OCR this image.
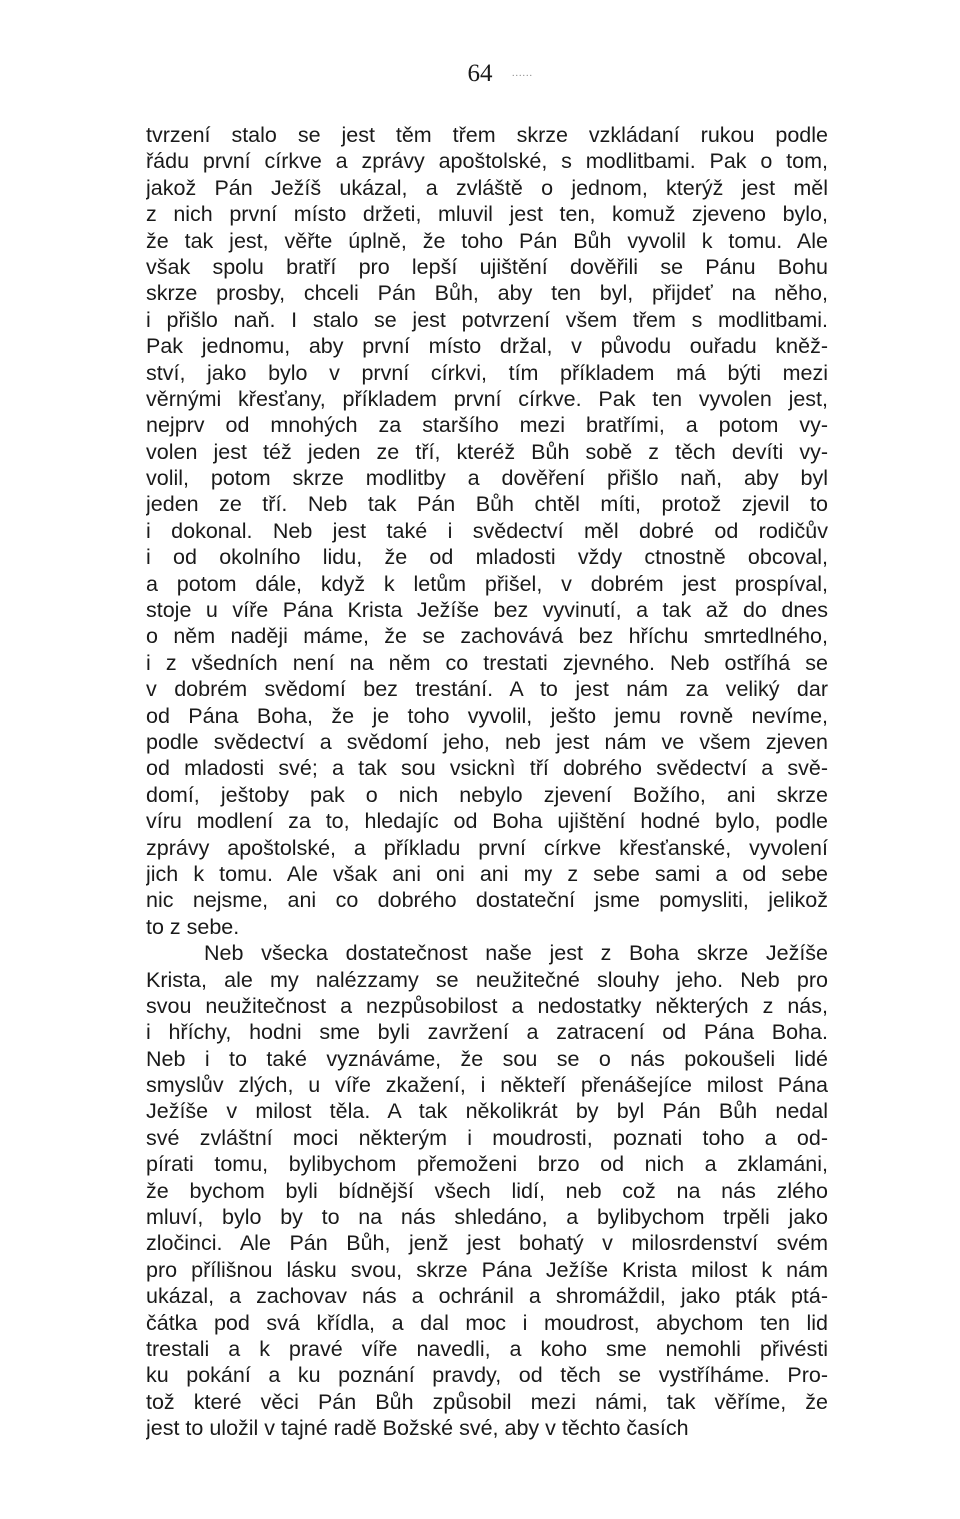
64 ......
tvrzení stalo se jest těm třem skrze vzkládaní rukou podle
řádu první církve a zprávy apoštolské, s modlitbami. Pak o tom,
jakož Pán Ježíš ukázal, a zvláště o jednom, kterýž jest měl
z nich první místo držeti, mluvil jest ten, komuž zjeveno bylo,
že tak jest, věřte úplně, že toho Pán Bůh vyvolil k tomu. Ale
však spolu bratří pro lepší ujištění dověřili se Pánu Bohu
skrze prosby, chceli Pán Bůh, aby ten byl, přijdeť na něho,
i přišlo naň. I stalo se jest potvrzení všem třem s modlitbami.
Pak jednomu, aby první místo držal, v původu ouřadu kněž-
ství, jako bylo v první církvi, tím příkladem má býti mezi
věrnými křesťany, příkladem první církve. Pak ten vyvolen jest,
nejprv od mnohých za staršího mezi bratřími, a potom vy-
volen jest též jeden ze tří, kteréž Bůh sobě z těch devíti vy-
volil, potom skrze modlitby a dověření přišlo naň, aby byl
jeden ze tří. Neb tak Pán Bůh chtěl míti, protož zjevil to
i dokonal. Neb jest také i svědectví měl dobré od rodičův
i od okolního lidu, že od mladosti vždy ctnostně obcoval,
a potom dále, když k letům přišel, v dobrém jest prospíval,
stoje u víře Pána Krista Ježíše bez vyvinutí, a tak až do dnes
o něm naději máme, že se zachovává bez hříchu smrtedlného,
i z všedních není na něm co trestati zjevného. Neb ostříhá se
v dobrém svědomí bez trestání. A to jest nám za veliký dar
od Pána Boha, že je toho vyvolil, ješto jemu rovně nevíme,
podle svědectví a svědomí jeho, neb jest nám ve všem zjeven
od mladosti své; a tak sou vsicknì tří dobrého svědectví a svě-
domí, ještoby pak o nich nebylo zjevení Božího, ani skrze
víru modlení za to, hledajíc od Boha ujištění hodné bylo, podle
zprávy apoštolské, a příkladu první církve křesťanské, vyvolení
jich k tomu. Ale však ani oni ani my z sebe sami a od sebe
nic nejsme, ani co dobrého dostateční jsme pomysliti, jelikož
to z sebe.
Neb všecka dostatečnost naše jest z Boha skrze Ježíše
Krista, ale my nalézzamy se neužitečné slouhy jeho. Neb pro
svou neužitečnost a nezpůsobilost a nedostatky některých z nás,
i hříchy, hodni sme byli zavržení a zatracení od Pána Boha.
Neb i to také vyznáváme, že sou se o nás pokoušeli lidé
smyslův zlých, u víře zkažení, i někteří přenášejíce milost Pána
Ježíše v milost těla. A tak několikrát by byl Pán Bůh nedal
své zvláštní moci některým i moudrosti, poznati toho a od-
pírati tomu, bylibychom přemoženi brzo od nich a zklamáni,
že bychom byli bídnější všech lidí, neb což na nás zlého
mluví, bylo by to na nás shledáno, a bylibychom trpěli jako
zločinci. Ale Pán Bůh, jenž jest bohatý v milosrdenství svém
pro přílišnou lásku svou, skrze Pána Ježíše Krista milost k nám
ukázal, a zachovav nás a ochránil a shromáždil, jako pták ptá-
čátka pod svá křídla, a dal moc i moudrost, abychom ten lid
trestali a k pravé víře navedli, a koho sme nemohli přivésti
ku pokání a ku poznání pravdy, od těch se vystříháme. Pro-
tož které věci Pán Bůh způsobil mezi námi, tak věříme, že
jest to uložil v tajné radě Božské své, aby v těchto časích
